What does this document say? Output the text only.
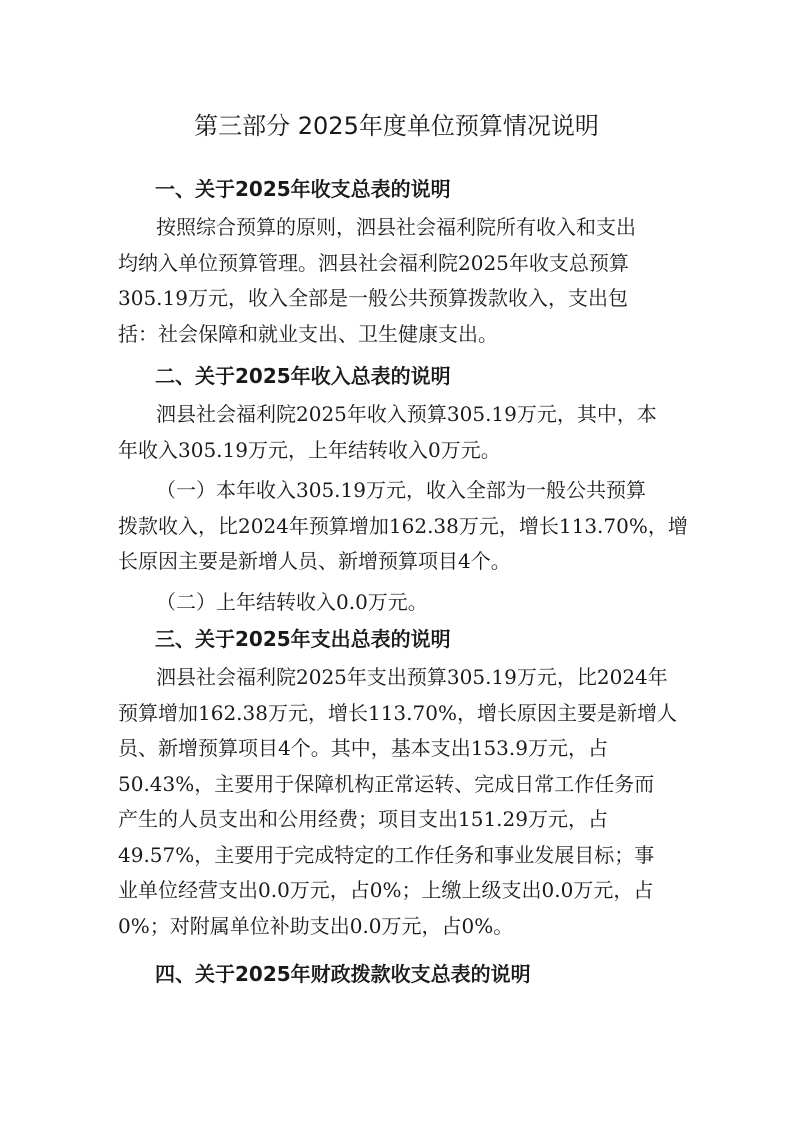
第三部分 2025年度单位预算情况说明
一、关于2025年收支总表的说明
按照综合预算的原则，泗县社会福利院所有收入和支出
均纳入单位预算管理。泗县社会福利院2025年收支总预算
305.19万元，收入全部是一般公共预算拨款收入，支出包
括：社会保障和就业支出、卫生健康支出。
二、关于2025年收入总表的说明
泗县社会福利院2025年收入预算305.19万元，其中，本
年收入305.19万元，上年结转收入0万元。
（一）本年收入305.19万元，收入全部为一般公共预算
拨款收入，比2024年预算增加162.38万元，增长113.70%，增
长原因主要是新增人员、新增预算项目4个。
（二）上年结转收入0.0万元。
三、关于2025年支出总表的说明
泗县社会福利院2025年支出预算305.19万元，比2024年
预算增加162.38万元，增长113.70%，增长原因主要是新增人
员、新增预算项目4个。其中，基本支出153.9万元，占
50.43%，主要用于保障机构正常运转、完成日常工作任务而
产生的人员支出和公用经费；项目支出151.29万元，占
49.57%，主要用于完成特定的工作任务和事业发展目标；事
业单位经营支出0.0万元，占0%；上缴上级支出0.0万元，占
0%；对附属单位补助支出0.0万元，占0%。
四、关于2025年财政拨款收支总表的说明
